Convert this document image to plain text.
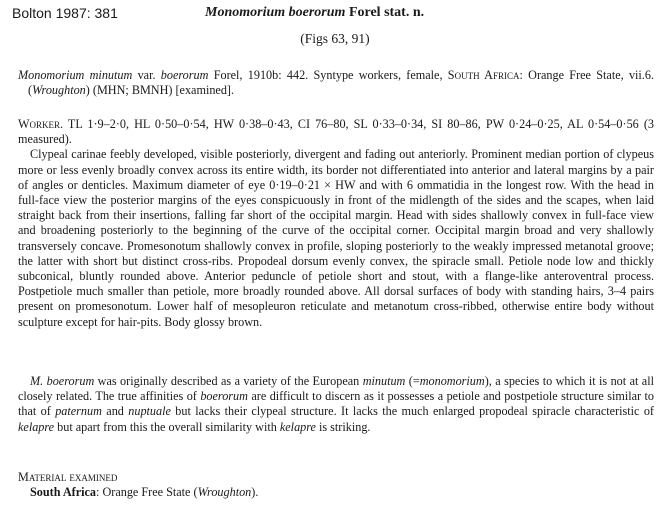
Bolton 1987: 381	Monomorium boerorum Forel stat. n.
(Figs 63, 91)

Monomorium minutum var. boerorum Forel, 1910b: 442. Syntype workers, female, South Africa: Orange Free State, vii.6. (Wroughton) (MHN; BMNH) [examined].

Worker. TL 1·9–2·0, HL 0·50–0·54, HW 0·38–0·43, CI 76–80, SL 0·33–0·34, SI 80–86, PW 0·24–0·25, AL 0·54–0·56 (3 measured).

Clypeal carinae feebly developed, visible posteriorly, divergent and fading out anteriorly. Prominent median portion of clypeus more or less evenly broadly convex across its entire width, its border not differentiated into anterior and lateral margins by a pair of angles or denticles. Maximum diameter of eye 0·19–0·21 × HW and with 6 ommatidia in the longest row. With the head in full-face view the posterior margins of the eyes conspicuously in front of the midlength of the sides and the scapes, when laid straight back from their insertions, falling far short of the occipital margin. Head with sides shallowly convex in full-face view and broadening posteriorly to the beginning of the curve of the occipital corner. Occipital margin broad and very shallowly transversely concave. Promesonotum shallowly convex in profile, sloping posteriorly to the weakly impressed metanotal groove; the latter with short but distinct cross-ribs. Propodeal dorsum evenly convex, the spiracle small. Petiole node low and thickly subconical, bluntly rounded above. Anterior peduncle of petiole short and stout, with a flange-like anteroventral process. Postpetiole much smaller than petiole, more broadly rounded above. All dorsal surfaces of body with standing hairs, 3–4 pairs present on promesonotum. Lower half of mesopleuron reticulate and metanotum cross-ribbed, otherwise entire body without sculpture except for hair-pits. Body glossy brown.

M. boerorum was originally described as a variety of the European minutum (=monomorium), a species to which it is not at all closely related. The true affinities of boerorum are difficult to discern as it possesses a petiole and postpetiole structure similar to that of paternum and nuptuale but lacks their clypeal structure. It lacks the much enlarged propodeal spiracle characteristic of kelapre but apart from this the overall similarity with kelapre is striking.

Material examined

South Africa: Orange Free State (Wroughton).
